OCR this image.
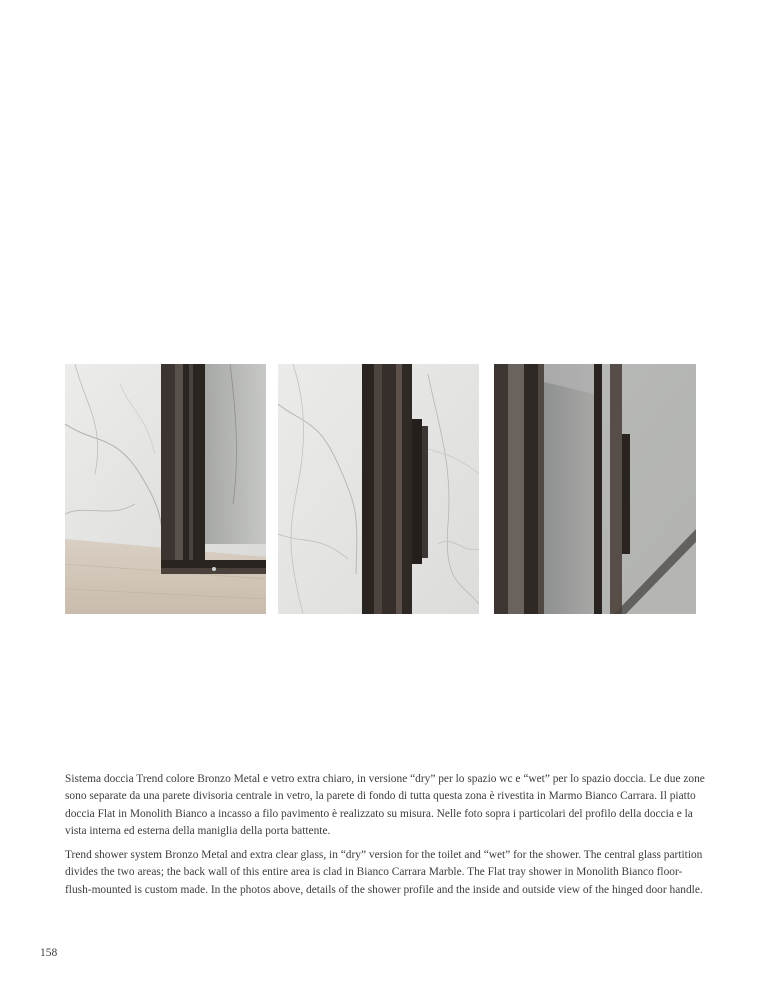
Sistema doccia Trend colore Bronzo Metal e vetro extra chiaro, in versione “dry” per lo spazio wc e “wet” per lo spazio doccia. Le due zone sono separate da una parete divisoria centrale in vetro, la parete di fondo di tutta questa zona è rivestita in Marmo Bianco Carrara. Il piatto doccia Flat in Monolith Bianco a incasso a filo pavimento è realizzato su misura. Nelle foto sopra i particolari del profilo della doccia e la vista interna ed esterna della maniglia della porta battente.

Trend shower system Bronzo Metal and extra clear glass, in “dry” version for the toilet and “wet” for the shower. The central glass partition divides the two areas; the back wall of this entire area is clad in Bianco Carrara Marble. The Flat tray shower in Monolith Bianco floor-flush-mounted is custom made. In the photos above, details of the shower profile and the inside and outside view of the hinged door handle.

158
